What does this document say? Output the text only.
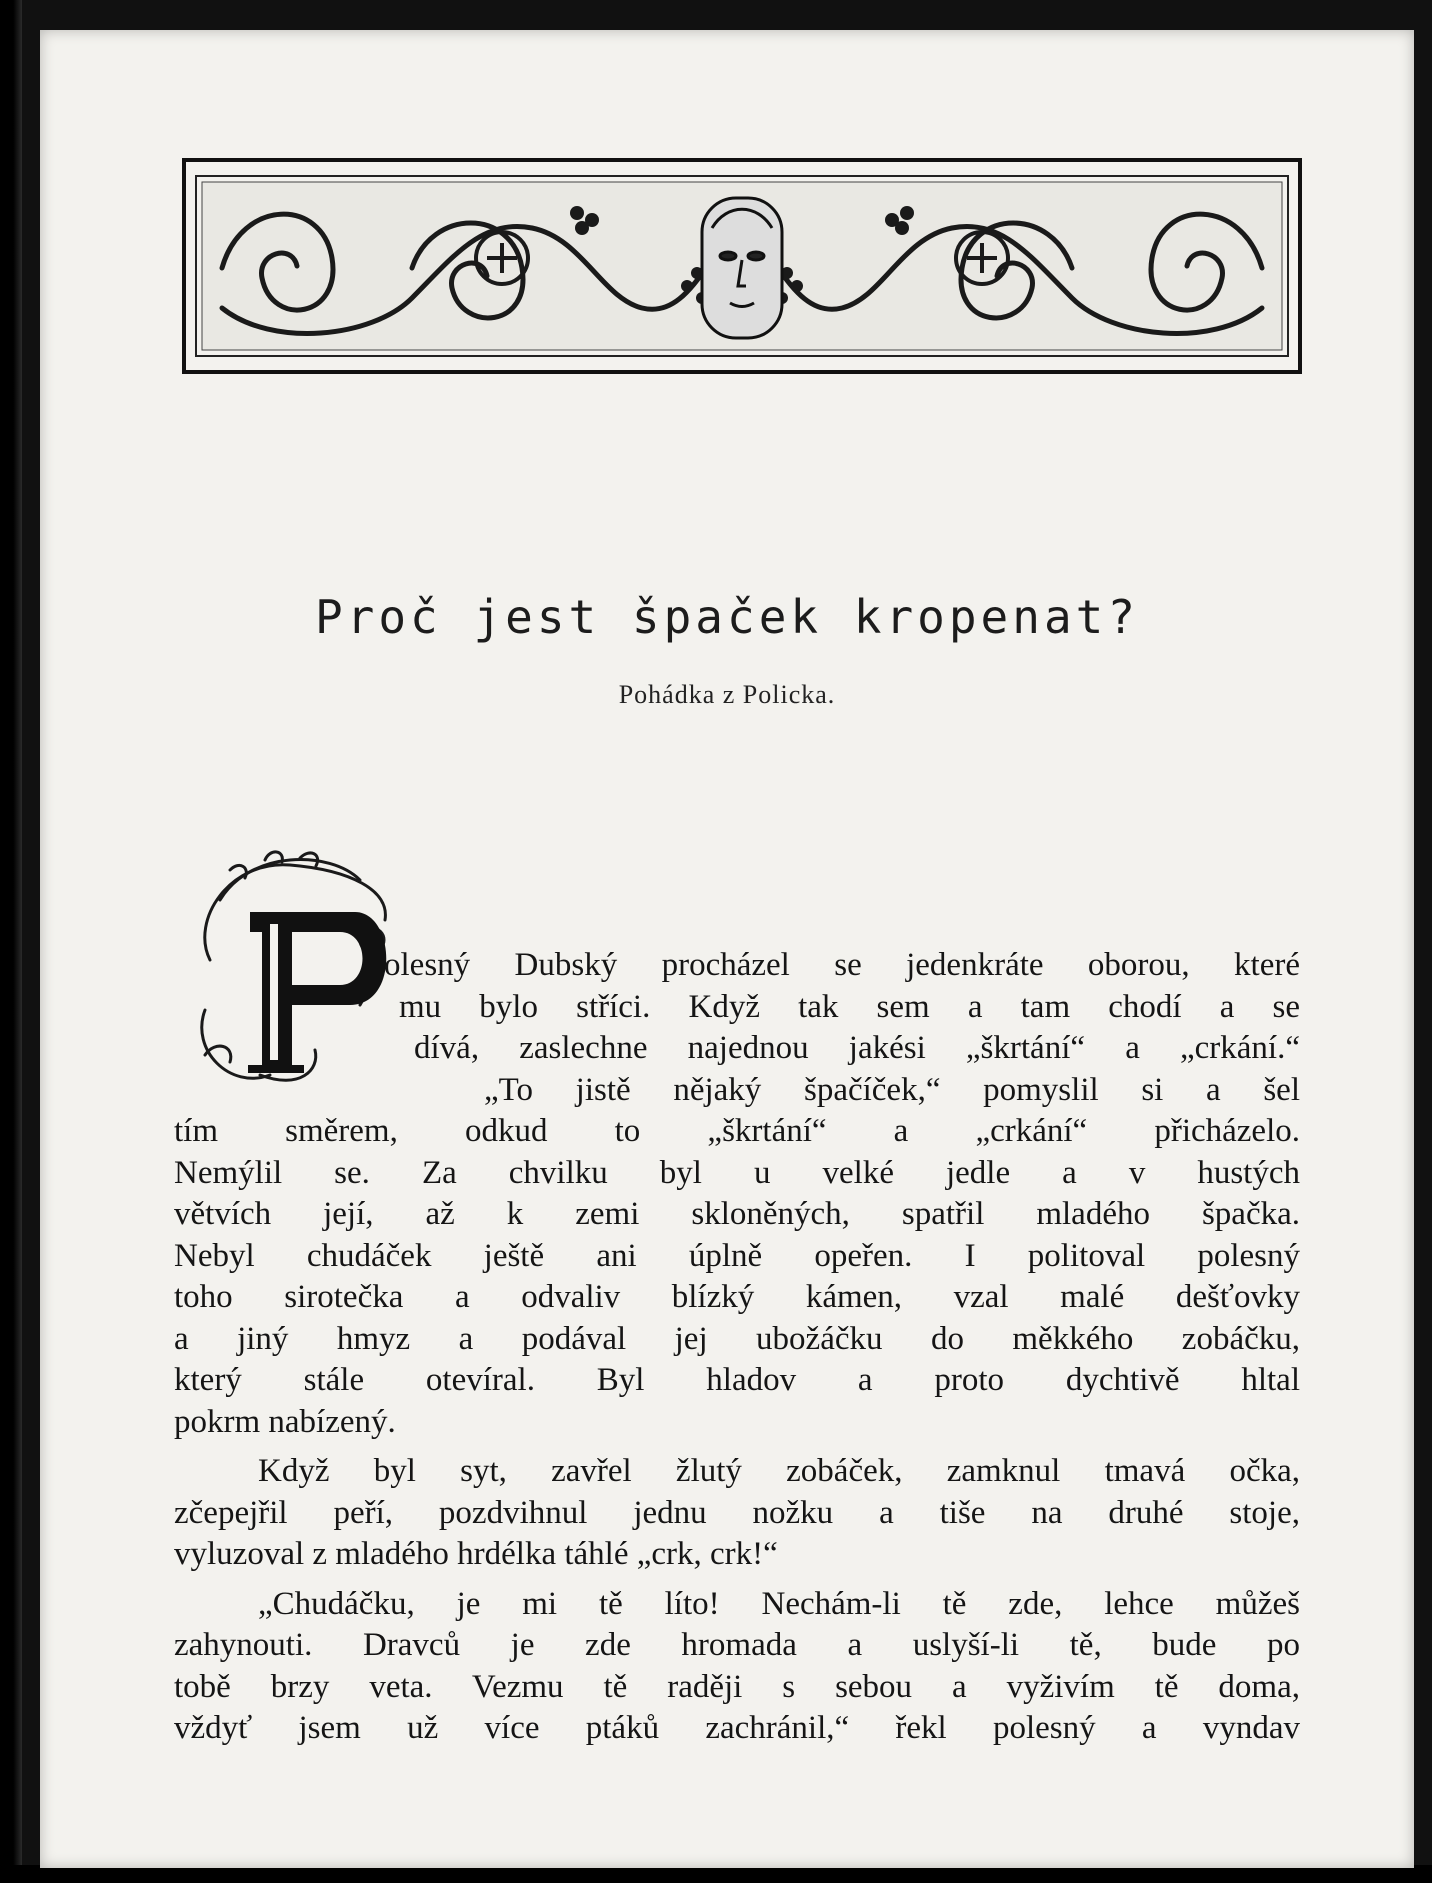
Proč jest špaček kropenat?
Pohádka z Policka.
olesný Dubský procházel se jedenkráte oborou, které
mu bylo stříci. Když tak sem a tam chodí a se
dívá, zaslechne najednou jakési „škrtání“ a „crkání.“
„To jistě nějaký špačíček,“ pomyslil si a šel
tím směrem, odkud to „škrtání“ a „crkání“ přicházelo.
Nemýlil se. Za chvilku byl u velké jedle a v hustých
větvích její, až k zemi skloněných, spatřil mladého špačka.
Nebyl chudáček ještě ani úplně opeřen. I politoval polesný
toho sirotečka a odvaliv blízký kámen, vzal malé dešťovky
a jiný hmyz a podával jej ubožáčku do měkkého zobáčku,
který stále otevíral. Byl hladov a proto dychtivě hltal
pokrm nabízený.
Když byl syt, zavřel žlutý zobáček, zamknul tmavá očka,
zčepejřil peří, pozdvihnul jednu nožku a tiše na druhé stoje,
vyluzoval z mladého hrdélka táhlé „crk, crk!“
„Chudáčku, je mi tě líto! Nechám-li tě zde, lehce můžeš
zahynouti. Dravců je zde hromada a uslyší-li tě, bude po
tobě brzy veta. Vezmu tě raději s sebou a vyživím tě doma,
vždyť jsem už více ptáků zachránil,“ řekl polesný a vyndav
